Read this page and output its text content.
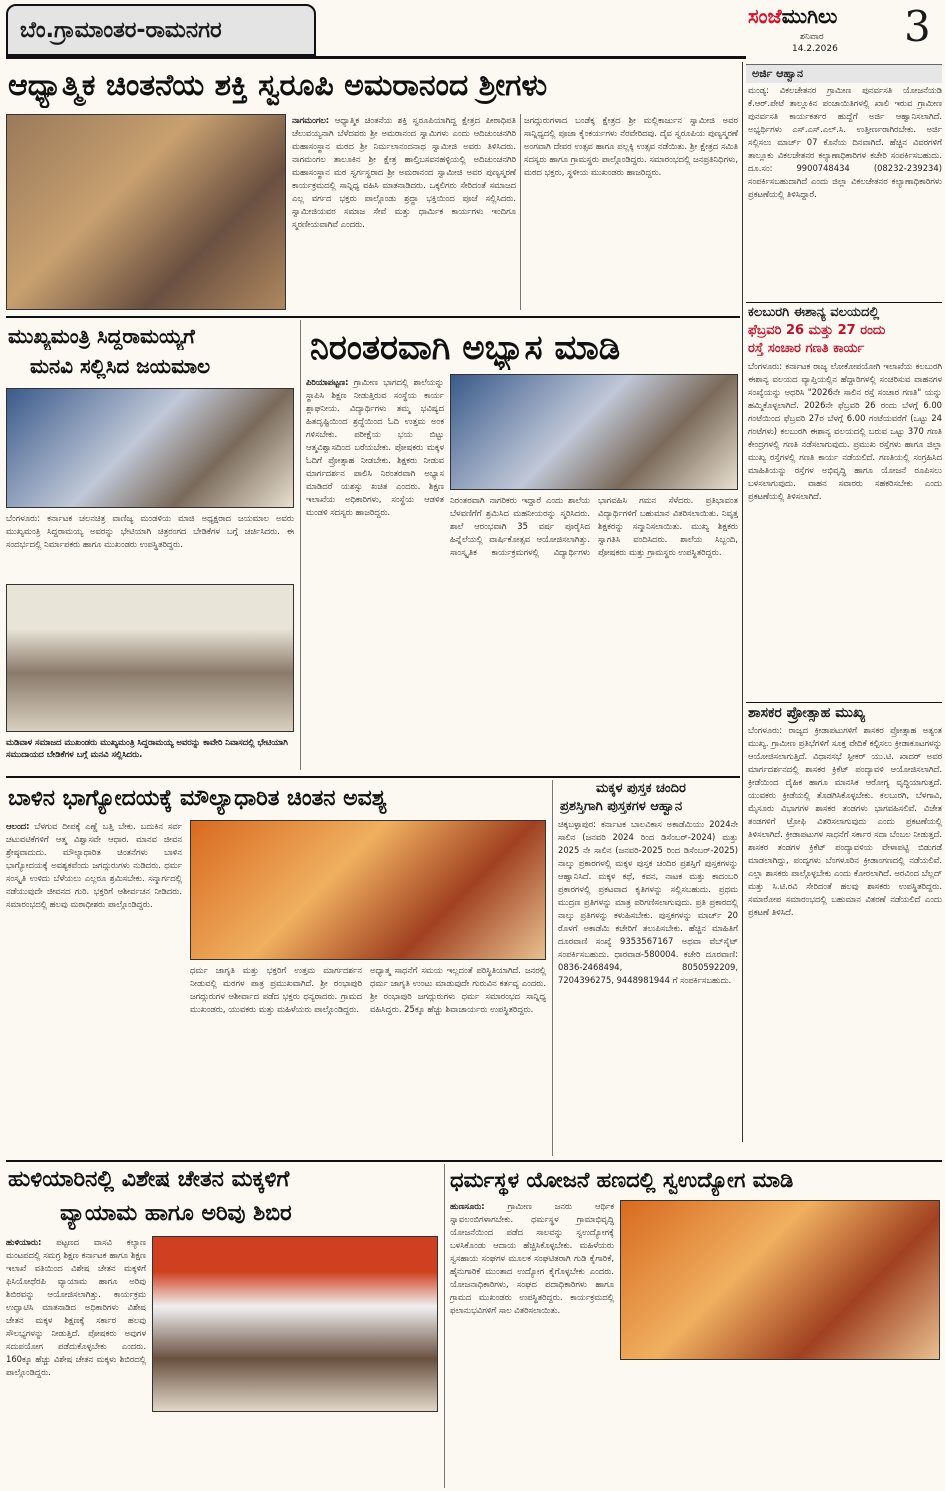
ಬೆಂ.ಗ್ರಾಮಾಂತರ-ರಾಮನಗರ
ಸಂಜೆಮುಗಿಲು
ಶನಿವಾರ
14.2.2026 3
ಆಧ್ಯಾತ್ಮಿಕ ಚಿಂತನೆಯ ಶಕ್ತಿ ಸ್ವರೂಪಿ ಅಮರಾನಂದ ಶ್ರೀಗಳು
ನಾಗಮಂಗಲ: ಆಧ್ಯಾತ್ಮಿಕ ಚಿಂತನೆಯ ಶಕ್ತಿ ಸ್ವರೂಪಿಯಾಗಿದ್ದ ಕ್ಷೇತ್ರದ ಪೀಠಾಧಿಪತಿ ಚೆಲುವಯ್ಯನಾಗಿ ಬೆಳೆದವರು ಶ್ರೀ ಅಮರಾನಂದ ಸ್ವಾಮಿಗಳು ಎಂದು ಆದಿಚುಂಚನಗಿರಿ ಮಹಾಸಂಸ್ಥಾನ ಮಠದ ಶ್ರೀ ನಿರ್ಮಲಾನಂದನಾಥ ಸ್ವಾಮೀಜಿ ಅವರು ತಿಳಿಸಿದರು. ನಾಗಮಂಗಲ ತಾಲೂಕಿನ ಶ್ರೀ ಕ್ಷೇತ್ರ ಹಾಲ್ತಿಬಸವನಹಳ್ಳಿಯಲ್ಲಿ ಅದಿಚುಂಚನಗಿರಿ ಮಹಾಸಂಸ್ಥಾನ ಮಠ ಸ್ವರ್ಗಸ್ಥರಾದ ಶ್ರೀ ಅಮರಾನಂದ ಸ್ವಾಮೀಜಿ ಅವರ ಪುಣ್ಯಸ್ಮರಣೆ ಕಾರ್ಯಕ್ರಮದಲ್ಲಿ ಸಾನ್ನಿಧ್ಯ ವಹಿಸಿ ಮಾತನಾಡಿದರು. ಒಕ್ಕಲಿಗರು ಸೇರಿದಂತೆ ಸಮಾಜದ ಎಲ್ಲ ವರ್ಗದ ಭಕ್ತರು ಪಾಲ್ಗೊಂಡು ಶ್ರದ್ಧಾ ಭಕ್ತಿಯಿಂದ ಪೂಜೆ ಸಲ್ಲಿಸಿದರು. ಸ್ವಾಮೀಜಿಯವರ ಸಮಾಜ ಸೇವೆ ಮತ್ತು ಧಾರ್ಮಿಕ ಕಾರ್ಯಗಳು ಇಂದಿಗೂ ಸ್ಮರಣೀಯವಾಗಿವೆ ಎಂದರು.
ಜಗದ್ಗುರುಗಳಾದ ಬಂಡೆಕ್ಕ ಕ್ಷೇತ್ರದ ಶ್ರೀ ಮಲ್ಲಿಕಾರ್ಜುನ ಸ್ವಾಮೀಜಿ ಅವರ ಸಾನ್ನಿಧ್ಯದಲ್ಲಿ ಪೂಜಾ ಕೈಂಕರ್ಯಗಳು ನೆರವೇರಿದವು. ದೈವ ಸ್ವರೂಪಿಯ ಪುಣ್ಯಸ್ಮರಣೆ ಅಂಗವಾಗಿ ದೇವರ ಉತ್ಸವ ಹಾಗೂ ಪಲ್ಲಕ್ಕಿ ಉತ್ಸವ ನಡೆಯಿತು. ಶ್ರೀ ಕ್ಷೇತ್ರದ ಸಮಿತಿ ಸದಸ್ಯರು ಹಾಗೂ ಗ್ರಾಮಸ್ಥರು ಪಾಲ್ಗೊಂಡಿದ್ದರು. ಸಮಾರಂಭದಲ್ಲಿ ಜನಪ್ರತಿನಿಧಿಗಳು, ಮಠದ ಭಕ್ತರು, ಸ್ಥಳೀಯ ಮುಖಂಡರು ಹಾಜರಿದ್ದರು.
ಅರ್ಜಿ ಆಹ್ವಾನ
ಮಂಡ್ಯ: ವಿಕಲಚೇತನರ ಗ್ರಾಮೀಣ ಪುನರ್ವಸತಿ ಯೋಜನೆಯಡಿ ಕೆ.ಆರ್.ಪೇಟೆ ತಾಲ್ಲೂಕಿನ ಪಂಚಾಯಿತಿಗಳಲ್ಲಿ ಖಾಲಿ ಇರುವ ಗ್ರಾಮೀಣ ಪುನರ್ವಸತಿ ಕಾರ್ಯಕರ್ತರ ಹುದ್ದೆಗೆ ಅರ್ಜಿ ಆಹ್ವಾನಿಸಲಾಗಿದೆ. ಅಭ್ಯರ್ಥಿಗಳು ಎಸ್.ಎಸ್.ಎಲ್.ಸಿ. ಉತ್ತೀರ್ಣರಾಗಿರಬೇಕು. ಅರ್ಜಿ ಸಲ್ಲಿಸಲು ಮಾರ್ಚ್ 07 ಕೊನೆಯ ದಿನವಾಗಿದೆ. ಹೆಚ್ಚಿನ ವಿವರಗಳಿಗೆ ತಾಲ್ಲೂಕು ವಿಕಲಚೇತನರ ಕಲ್ಯಾಣಾಧಿಕಾರಿಗಳ ಕಚೇರಿ ಸಂಪರ್ಕಿಸಬಹುದು. ದೂ.ಸಂ: 9900748434 (08232-239234) ಸಂಪರ್ಕಿಸಬಹುದಾಗಿದೆ ಎಂದು ಜಿಲ್ಲಾ ವಿಕಲಚೇತನರ ಕಲ್ಯಾಣಾಧಿಕಾರಿಗಳು ಪ್ರಕಟಣೆಯಲ್ಲಿ ತಿಳಿಸಿದ್ದಾರೆ.
ಕಲಬುರಗಿ ಈಶಾನ್ಯ ವಲಯದಲ್ಲಿ
ಫೆಬ್ರವರಿ 26 ಮತ್ತು 27 ರಂದು
ರಸ್ತೆ ಸಂಚಾರ ಗಣತಿ ಕಾರ್ಯ
ಬೆಂಗಳೂರು: ಕರ್ನಾಟಕ ರಾಜ್ಯ ಲೋಕೋಪಯೋಗಿ ಇಲಾಖೆಯ ಕಲಬುರಗಿ ಈಶಾನ್ಯ ವಲಯದ ವ್ಯಾಪ್ತಿಯಲ್ಲಿನ ಹೆದ್ದಾರಿಗಳಲ್ಲಿ ಸಂಚರಿಸುವ ವಾಹನಗಳ ಸಂಖ್ಯೆಯನ್ನು ಆಧರಿಸಿ "2026ನೇ ಸಾಲಿನ ರಸ್ತೆ ಸಂಚಾರ ಗಣತಿ" ಯನ್ನು ಹಮ್ಮಿಕೊಳ್ಳಲಾಗಿದೆ. 2026ನೇ ಫೆಬ್ರವರಿ 26 ರಂದು ಬೆಳಗ್ಗೆ 6.00 ಗಂಟೆಯಿಂದ ಫೆಬ್ರವರಿ 27ರ ಬೆಳಗ್ಗೆ 6.00 ಗಂಟೆಯವರೆಗೆ (ಒಟ್ಟು 24 ಗಂಟೆಗಳು) ಕಲಬುರಗಿ ಈಶಾನ್ಯ ವಲಯದಲ್ಲಿ ಬರುವ ಒಟ್ಟು 370 ಗಣತಿ ಕೇಂದ್ರಗಳಲ್ಲಿ ಗಣತಿ ನಡೆಸಲಾಗುವುದು. ಪ್ರಮುಖ ರಸ್ತೆಗಳು ಹಾಗೂ ಜಿಲ್ಲಾ ಮುಖ್ಯ ರಸ್ತೆಗಳಲ್ಲಿ ಗಣತಿ ಕಾರ್ಯ ನಡೆಯಲಿದೆ. ಗಣತಿಯಲ್ಲಿ ಸಂಗ್ರಹಿಸಿದ ಮಾಹಿತಿಯನ್ನು ರಸ್ತೆಗಳ ಅಭಿವೃದ್ಧಿ ಹಾಗೂ ಯೋಜನೆ ರೂಪಿಸಲು ಬಳಸಲಾಗುವುದು. ವಾಹನ ಸವಾರರು ಸಹಕರಿಸಬೇಕು ಎಂದು ಪ್ರಕಟಣೆಯಲ್ಲಿ ತಿಳಿಸಲಾಗಿದೆ.
ಶಾಸಕರ ಪ್ರೋತ್ಸಾಹ ಮುಖ್ಯ
ಬೆಂಗಳೂರು: ರಾಜ್ಯದ ಕ್ರೀಡಾಪಟುಗಳಿಗೆ ಶಾಸಕರ ಪ್ರೋತ್ಸಾಹ ಅತ್ಯಂತ ಮುಖ್ಯ. ಗ್ರಾಮೀಣ ಪ್ರತಿಭೆಗಳಿಗೆ ಸೂಕ್ತ ವೇದಿಕೆ ಕಲ್ಪಿಸಲು ಕ್ರೀಡಾಕೂಟಗಳನ್ನು ಆಯೋಜಿಸಲಾಗುತ್ತಿದೆ. ವಿಧಾನಸಭೆ ಸ್ಪೀಕರ್ ಯು.ಟಿ. ಖಾದರ್ ಅವರ ಮಾರ್ಗದರ್ಶನದಲ್ಲಿ ಶಾಸಕರ ಕ್ರಿಕೆಟ್ ಪಂದ್ಯಾವಳಿ ಆಯೋಜಿಸಲಾಗಿದೆ. ಕ್ರೀಡೆಯಿಂದ ದೈಹಿಕ ಹಾಗೂ ಮಾನಸಿಕ ಆರೋಗ್ಯ ವೃದ್ಧಿಯಾಗುತ್ತದೆ. ಯುವಕರು ಕ್ರೀಡೆಯಲ್ಲಿ ತೊಡಗಿಸಿಕೊಳ್ಳಬೇಕು. ಕಲಬುರಗಿ, ಬೆಳಗಾವಿ, ಮೈಸೂರು ವಿಭಾಗಗಳ ಶಾಸಕರ ತಂಡಗಳು ಭಾಗವಹಿಸಲಿವೆ. ವಿಜೇತ ತಂಡಗಳಿಗೆ ಟ್ರೋಫಿ ವಿತರಿಸಲಾಗುವುದು ಎಂದು ಪ್ರಕಟಣೆಯಲ್ಲಿ ತಿಳಿಸಲಾಗಿದೆ. ಕ್ರೀಡಾಪಟುಗಳ ಸಾಧನೆಗೆ ಸರ್ಕಾರ ಸದಾ ಬೆಂಬಲ ನೀಡುತ್ತದೆ. ಶಾಸಕರ ತಂಡಗಳ ಕ್ರಿಕೆಟ್ ಪಂದ್ಯಾವಳಿಯ ವೇಳಾಪಟ್ಟಿ ಬಿಡುಗಡೆ ಮಾಡಲಾಗಿದ್ದು, ಪಂದ್ಯಗಳು ಬೆಂಗಳೂರಿನ ಕ್ರೀಡಾಂಗಣದಲ್ಲಿ ನಡೆಯಲಿವೆ. ಎಲ್ಲಾ ಶಾಸಕರು ಪಾಲ್ಗೊಳ್ಳಬೇಕು ಎಂದು ಕೋರಲಾಗಿದೆ. ಅರವಿಂದ ಬೆಲ್ಲದ್ ಮತ್ತು ಸಿ.ಟಿ.ರವಿ ಸೇರಿದಂತೆ ಹಲವು ಶಾಸಕರು ಉಪಸ್ಥಿತರಿದ್ದರು. ಸಮಾರೋಪ ಸಮಾರಂಭದಲ್ಲಿ ಬಹುಮಾನ ವಿತರಣೆ ನಡೆಯಲಿದೆ ಎಂದು ಪ್ರಕಟಣೆ ತಿಳಿಸಿದೆ.
ಮುಖ್ಯಮಂತ್ರಿ ಸಿದ್ದರಾಮಯ್ಯಗೆ
ಮನವಿ ಸಲ್ಲಿಸಿದ ಜಯಮಾಲ
ಬೆಂಗಳೂರು: ಕರ್ನಾಟಕ ಚಲನಚಿತ್ರ ವಾಣಿಜ್ಯ ಮಂಡಳಿಯ ಮಾಜಿ ಅಧ್ಯಕ್ಷರಾದ ಜಯಮಾಲ ಅವರು ಮುಖ್ಯಮಂತ್ರಿ ಸಿದ್ದರಾಮಯ್ಯ ಅವರನ್ನು ಭೇಟಿಯಾಗಿ ಚಿತ್ರರಂಗದ ಬೇಡಿಕೆಗಳ ಬಗ್ಗೆ ಚರ್ಚಿಸಿದರು. ಈ ಸಂದರ್ಭದಲ್ಲಿ ನಿರ್ಮಾಪಕರು ಹಾಗೂ ಮುಖಂಡರು ಉಪಸ್ಥಿತರಿದ್ದರು.
ಮಡಿವಾಳ ಸಮಾಜದ ಮುಖಂಡರು ಮುಖ್ಯಮಂತ್ರಿ ಸಿದ್ದರಾಮಯ್ಯ ಅವರನ್ನು ಕಾವೇರಿ ನಿವಾಸದಲ್ಲಿ ಭೇಟಿಯಾಗಿ ಸಮುದಾಯದ ಬೇಡಿಕೆಗಳ ಬಗ್ಗೆ ಮನವಿ ಸಲ್ಲಿಸಿದರು.
ನಿರಂತರವಾಗಿ ಅಭ್ಯಾಸ ಮಾಡಿ
ಪಿರಿಯಾಪಟ್ಟಣ: ಗ್ರಾಮೀಣ ಭಾಗದಲ್ಲಿ ಶಾಲೆಯನ್ನು ಸ್ಥಾಪಿಸಿ ಶಿಕ್ಷಣ ನೀಡುತ್ತಿರುವ ಸಂಸ್ಥೆಯ ಕಾರ್ಯ ಶ್ಲಾಘನೀಯ. ವಿದ್ಯಾರ್ಥಿಗಳು ತಮ್ಮ ಭವಿಷ್ಯದ ಹಿತದೃಷ್ಟಿಯಿಂದ ಶ್ರದ್ಧೆಯಿಂದ ಓದಿ ಉತ್ತಮ ಅಂಕ ಗಳಿಸಬೇಕು. ಪರೀಕ್ಷೆಯ ಭಯ ಬಿಟ್ಟು ಆತ್ಮವಿಶ್ವಾಸದಿಂದ ಬರೆಯಬೇಕು. ಪೋಷಕರು ಮಕ್ಕಳ ಓದಿಗೆ ಪ್ರೋತ್ಸಾಹ ನೀಡಬೇಕು. ಶಿಕ್ಷಕರು ನೀಡುವ ಮಾರ್ಗದರ್ಶನ ಪಾಲಿಸಿ ನಿರಂತರವಾಗಿ ಅಭ್ಯಾಸ ಮಾಡಿದರೆ ಯಶಸ್ಸು ಖಚಿತ ಎಂದರು. ಶಿಕ್ಷಣ ಇಲಾಖೆಯ ಅಧಿಕಾರಿಗಳು, ಸಂಸ್ಥೆಯ ಆಡಳಿತ ಮಂಡಳಿ ಸದಸ್ಯರು ಹಾಜರಿದ್ದರು.
ನಿರಂತರವಾಗಿ ನಾಗರಿಕರು ಇದ್ದಾರೆ ಎಂದು ಶಾಲೆಯ ಬೆಳವಣಿಗೆಗೆ ಶ್ರಮಿಸಿದ ಮಹನೀಯರನ್ನು ಸ್ಮರಿಸಿದರು. ಶಾಲೆ ಆರಂಭವಾಗಿ 35 ವರ್ಷ ಪೂರೈಸಿದ ಹಿನ್ನೆಲೆಯಲ್ಲಿ ವಾರ್ಷಿಕೋತ್ಸವ ಆಯೋಜಿಸಲಾಗಿತ್ತು. ಸಾಂಸ್ಕೃತಿಕ ಕಾರ್ಯಕ್ರಮಗಳಲ್ಲಿ ವಿದ್ಯಾರ್ಥಿಗಳು ಭಾಗವಹಿಸಿ ಗಮನ ಸೆಳೆದರು. ಪ್ರತಿಭಾವಂತ ವಿದ್ಯಾರ್ಥಿಗಳಿಗೆ ಬಹುಮಾನ ವಿತರಿಸಲಾಯಿತು. ನಿವೃತ್ತ ಶಿಕ್ಷಕರನ್ನು ಸನ್ಮಾನಿಸಲಾಯಿತು. ಮುಖ್ಯ ಶಿಕ್ಷಕರು ಸ್ವಾಗತಿಸಿ ವಂದಿಸಿದರು. ಶಾಲೆಯ ಸಿಬ್ಬಂದಿ, ಪೋಷಕರು ಮತ್ತು ಗ್ರಾಮಸ್ಥರು ಉಪಸ್ಥಿತರಿದ್ದರು.
ಬಾಳಿನ ಭಾಗ್ಯೋದಯಕ್ಕೆ ಮೌಲ್ಯಾಧಾರಿತ ಚಿಂತನ ಅವಶ್ಯ
ಆಲಂದ: ಬೆಳಗುವ ದೀಪಕ್ಕೆ ಎಣ್ಣೆ ಬತ್ತಿ ಬೇಕು. ಬದುಕಿನ ಸರ್ವ ಚಟುವಟಿಕೆಗಳಿಗೆ ಆತ್ಮ ವಿಶ್ವಾಸವೇ ಆಧಾರ. ಮಾನವ ಜೀವನ ಶ್ರೇಷ್ಠವಾದುದು. ಮೌಲ್ಯಾಧಾರಿತ ಚಿಂತನೆಗಳು ಬಾಳಿನ ಭಾಗ್ಯೋದಯಕ್ಕೆ ಅವಶ್ಯಕವೆಂದು ಜಗದ್ಗುರುಗಳು ನುಡಿದರು. ಧರ್ಮ ಸಂಸ್ಕೃತಿ ಉಳಿದು ಬೆಳೆಯಲು ಎಲ್ಲರೂ ಶ್ರಮಿಸಬೇಕು. ಸನ್ಮಾರ್ಗದಲ್ಲಿ ನಡೆಯುವುದೇ ಜೀವನದ ಗುರಿ. ಭಕ್ತರಿಗೆ ಆಶೀರ್ವಚನ ನೀಡಿದರು. ಸಮಾರಂಭದಲ್ಲಿ ಹಲವು ಮಠಾಧೀಶರು ಪಾಲ್ಗೊಂಡಿದ್ದರು.
ಧರ್ಮ ಜಾಗೃತಿ ಮತ್ತು ಭಕ್ತರಿಗೆ ಉತ್ತಮ ಮಾರ್ಗದರ್ಶನ ನೀಡುವಲ್ಲಿ ಮಠಗಳ ಪಾತ್ರ ಪ್ರಮುಖವಾಗಿದೆ. ಶ್ರೀ ರಂಭಾಪುರಿ ಜಗದ್ಗುರುಗಳ ಆಶೀರ್ವಾದ ಪಡೆದ ಭಕ್ತರು ಧನ್ಯರಾದರು. ಗ್ರಾಮದ ಮುಖಂಡರು, ಯುವಕರು ಮತ್ತು ಮಹಿಳೆಯರು ಪಾಲ್ಗೊಂಡಿದ್ದರು.
ಅಧ್ಯಾತ್ಮ ಸಾಧನೆಗೆ ಸಮಯ ಇಲ್ಲದಂತೆ ಪರಿಸ್ಥಿತಿಯಾಗಿದೆ. ಜನರಲ್ಲಿ ಧರ್ಮ ಜಾಗೃತಿ ಉಂಟು ಮಾಡುವುದೇ ಗುರುವಿನ ಕರ್ತವ್ಯ ಎಂದರು. ಶ್ರೀ ರಂಭಾಪುರಿ ಜಗದ್ಗುರುಗಳು ಧರ್ಮ ಸಮಾರಂಭದ ಸಾನ್ನಿಧ್ಯ ವಹಿಸಿದ್ದರು. 25ಕ್ಕೂ ಹೆಚ್ಚು ಶಿವಾಚಾರ್ಯರು ಉಪಸ್ಥಿತರಿದ್ದರು.
ಮಕ್ಕಳ ಪುಸ್ತಕ ಚಂದಿರ
ಪ್ರಶಸ್ತಿಗಾಗಿ ಪುಸ್ತಕಗಳ ಆಹ್ವಾನ
ಚಿಕ್ಕಬಳ್ಳಾಪುರ: ಕರ್ನಾಟಕ ಬಾಲವಿಕಾಸ ಅಕಾಡೆಮಿಯು 2024ನೇ ಸಾಲಿನ (ಜನವರಿ 2024 ರಿಂದ ಡಿಸೆಂಬರ್-2024) ಮತ್ತು 2025 ನೇ ಸಾಲಿನ (ಜನವರಿ-2025 ರಿಂದ ಡಿಸೆಂಬರ್-2025) ನಾಲ್ಕು ಪ್ರಕಾರಗಳಲ್ಲಿ ಮಕ್ಕಳ ಪುಸ್ತಕ ಚಂದಿರ ಪ್ರಶಸ್ತಿಗೆ ಪುಸ್ತಕಗಳನ್ನು ಆಹ್ವಾನಿಸಿದೆ. ಮಕ್ಕಳ ಕಥೆ, ಕವನ, ನಾಟಕ ಮತ್ತು ಕಾದಂಬರಿ ಪ್ರಕಾರಗಳಲ್ಲಿ ಪ್ರಕಟವಾದ ಕೃತಿಗಳನ್ನು ಸಲ್ಲಿಸಬಹುದು. ಪ್ರಥಮ ಮುದ್ರಣ ಪ್ರತಿಗಳನ್ನು ಮಾತ್ರ ಪರಿಗಣಿಸಲಾಗುವುದು. ಪ್ರತಿ ಪ್ರಕಾರದಲ್ಲಿ ನಾಲ್ಕು ಪ್ರತಿಗಳನ್ನು ಕಳುಹಿಸಬೇಕು. ಪುಸ್ತಕಗಳನ್ನು ಮಾರ್ಚ್ 20 ರೊಳಗೆ ಅಕಾಡೆಮಿ ಕಚೇರಿಗೆ ತಲುಪಿಸಬೇಕು. ಹೆಚ್ಚಿನ ಮಾಹಿತಿಗೆ ದೂರವಾಣಿ ಸಂಖ್ಯೆ 9353567167 ಅಥವಾ ವೆಬ್‌ಸೈಟ್ ಸಂಪರ್ಕಿಸಬಹುದು. ಧಾರವಾಡ-580004. ಕಚೇರಿ ದೂರವಾಣಿ: 0836-2468494, 8050592209, 7204396275, 9448981944 ಗೆ ಸಂಪರ್ಕಿಸಬಹುದು.
ಹುಳಿಯಾರಿನಲ್ಲಿ ವಿಶೇಷ ಚೇತನ ಮಕ್ಕಳಿಗೆ
ವ್ಯಾಯಾಮ ಹಾಗೂ ಅರಿವು ಶಿಬಿರ
ಹುಳಿಯಾರು: ಪಟ್ಟಣದ ವಾಸವಿ ಕಲ್ಯಾಣ ಮಂಟಪದಲ್ಲಿ ಸಮಗ್ರ ಶಿಕ್ಷಣ ಕರ್ನಾಟಕ ಹಾಗೂ ಶಿಕ್ಷಣ ಇಲಾಖೆ ವತಿಯಿಂದ ವಿಶೇಷ ಚೇತನ ಮಕ್ಕಳಿಗೆ ಫಿಸಿಯೋಥೆರಪಿ ವ್ಯಾಯಾಮ ಹಾಗೂ ಅರಿವು ಶಿಬಿರವನ್ನು ಆಯೋಜಿಸಲಾಗಿತ್ತು. ಕಾರ್ಯಕ್ರಮ ಉದ್ಘಾಟಿಸಿ ಮಾತನಾಡಿದ ಅಧಿಕಾರಿಗಳು ವಿಶೇಷ ಚೇತನ ಮಕ್ಕಳ ಶಿಕ್ಷಣಕ್ಕೆ ಸರ್ಕಾರ ಹಲವು ಸೌಲಭ್ಯಗಳನ್ನು ನೀಡುತ್ತಿದೆ. ಪೋಷಕರು ಅವುಗಳ ಸದುಪಯೋಗ ಪಡೆದುಕೊಳ್ಳಬೇಕು ಎಂದರು. 160ಕ್ಕೂ ಹೆಚ್ಚು ವಿಶೇಷ ಚೇತನ ಮಕ್ಕಳು ಶಿಬಿರದಲ್ಲಿ ಪಾಲ್ಗೊಂಡಿದ್ದರು.
ಧರ್ಮಸ್ಥಳ ಯೋಜನೆ ಹಣದಲ್ಲಿ ಸ್ವಉದ್ಯೋಗ ಮಾಡಿ
ಹುಣಸೂರು:	ಗ್ರಾಮೀಣ ಜನರು ಆರ್ಥಿಕ ಸ್ವಾವಲಂಬಿಗಳಾಗಬೇಕು. ಧರ್ಮಸ್ಥಳ ಗ್ರಾಮಾಭಿವೃದ್ಧಿ ಯೋಜನೆಯಿಂದ ಪಡೆದ ಸಾಲವನ್ನು ಸ್ವಉದ್ಯೋಗಕ್ಕೆ ಬಳಸಿಕೊಂಡು ಆದಾಯ ಹೆಚ್ಚಿಸಿಕೊಳ್ಳಬೇಕು. ಮಹಿಳೆಯರು ಸ್ವಸಹಾಯ ಸಂಘಗಳ ಮೂಲಕ ಸಂಘಟಿತರಾಗಿ ಗುಡಿ ಕೈಗಾರಿಕೆ, ಹೈನುಗಾರಿಕೆ ಮುಂತಾದ ಉದ್ಯೋಗ ಕೈಗೊಳ್ಳಬೇಕು ಎಂದರು. ಯೋಜನಾಧಿಕಾರಿಗಳು, ಸಂಘದ ಪದಾಧಿಕಾರಿಗಳು ಹಾಗೂ ಗ್ರಾಮದ ಮುಖಂಡರು ಉಪಸ್ಥಿತರಿದ್ದರು. ಕಾರ್ಯಕ್ರಮದಲ್ಲಿ ಫಲಾನುಭವಿಗಳಿಗೆ ಸಾಲ ವಿತರಿಸಲಾಯಿತು.
